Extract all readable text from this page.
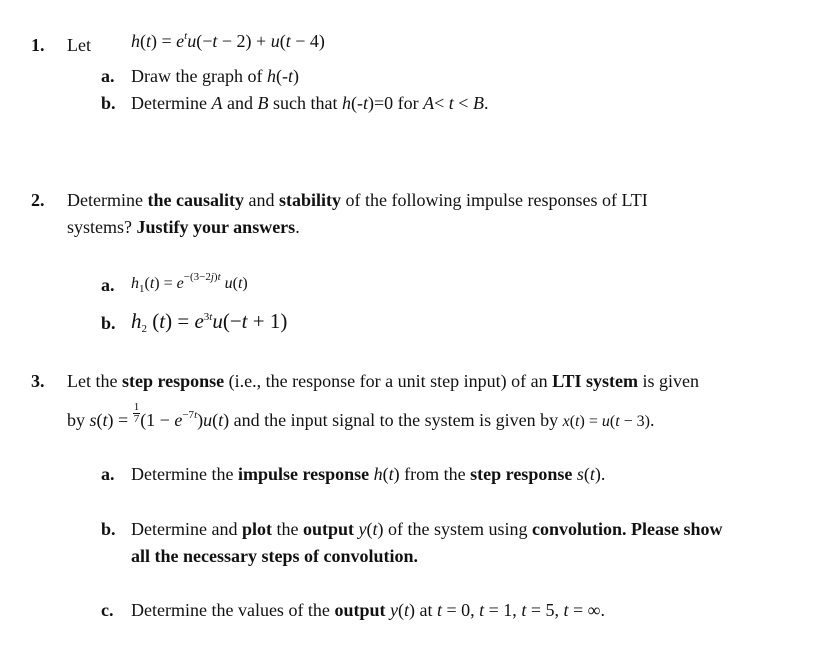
1. Let $h(t) = e^tu(-t - 2) + u(t - 4)$
a. Draw the graph of h(-t)
b. Determine A and B such that h(-t)=0 for A< t < B.
2. Determine the causality and stability of the following impulse responses of LTI
systems? Justify your answers.
a. $h_1(t) = e^{-(3-2j)t}$ u(t)
b. $h_2$ $(t) = e^{3t}u(-t + 1)$
3. Let the step response (i.e., the response for a unit step input) of an LTI system is given
by $s(t) = \frac{1}{7} (1 - e^{-7t})u(t)$ and the input signal to the system is given by x(t) = u(t − 3).
a. Determine the impulse response h(t) from the step response s(t).
b. Determine and plot the output y(t) of the system using convolution. Please show
all the necessary steps of convolution.
c. Determine the values of the output y(t) at t = 0, t = 1, t = 5, t = ∞.
